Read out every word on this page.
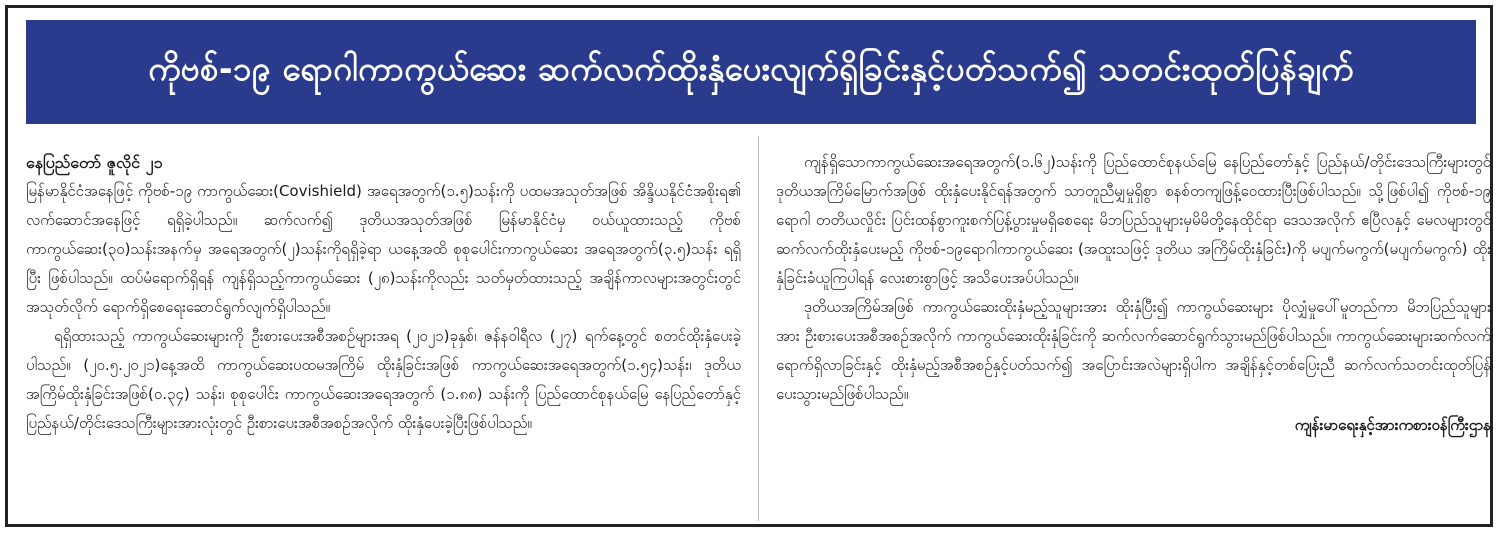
ကိုဗစ်-၁၉ ရောဂါကာကွယ်ဆေး ဆက်လက်ထိုးနှံပေးလျက်ရှိခြင်းနှင့်ပတ်သက်၍ သတင်းထုတ်ပြန်ချက်

နေပြည်တော် ဇူလိုင် ၂၁

မြန်မာနိုင်ငံအနေဖြင့် ကိုဗစ်-၁၉ ကာကွယ်ဆေး(Covishield) အရေအတွက်(၁.၅)သန်းကို ပထမအသုတ်အဖြစ် အိန္ဒိယနိုင်ငံအစိုးရ၏ လက်ဆောင်အနေဖြင့် ရရှိခဲ့ပါသည်။ ဆက်လက်၍ ဒုတိယအသုတ်အဖြစ် မြန်မာနိုင်ငံမှ ဝယ်ယူထားသည့် ကိုဗစ်ကာကွယ်ဆေး(၃၀)သန်းအနက်မှ အရေအတွက်(၂)သန်းကိုရရှိခဲ့ရာ ယနေ့အထိ စုစုပေါင်းကာကွယ်ဆေး အရေအတွက်(၃.၅)သန်း ရရှိပြီး ဖြစ်ပါသည်။ ထပ်မံရောက်ရှိရန် ကျန်ရှိသည့်ကာကွယ်ဆေး (၂၈)သန်းကိုလည်း သတ်မှတ်ထားသည့် အချိန်ကာလများအတွင်းတွင် အသုတ်လိုက် ရောက်ရှိစေရေးဆောင်ရွက်လျက်ရှိပါသည်။

ရရှိထားသည့် ကာကွယ်ဆေးများကို ဦးစားပေးအစီအစဉ်များအရ (၂၀၂၁)ခုနှစ်၊ ဇန်နဝါရီလ (၂၇) ရက်နေ့တွင် စတင်ထိုးနှံပေးခဲ့ပါသည်။ (၂၀.၅.၂၀၂၁)နေ့အထိ ကာကွယ်ဆေးပထမအကြိမ် ထိုးနှံခြင်းအဖြစ် ကာကွယ်ဆေးအရေအတွက်(၁.၅၄)သန်း၊ ဒုတိယအကြိမ်ထိုးနှံခြင်းအဖြစ်(၀.၃၄) သန်း၊ စုစုပေါင်း ကာကွယ်ဆေးအရေအတွက် (၁.၈၈) သန်းကို ပြည်ထောင်စုနယ်မြေ နေပြည်တော်နှင့် ပြည်နယ်/တိုင်းဒေသကြီးများအားလုံးတွင် ဦးစားပေးအစီအစဉ်အလိုက် ထိုးနှံပေးခဲ့ပြီးဖြစ်ပါသည်။

ကျန်ရှိသောကာကွယ်ဆေးအရေအတွက်(၁.၆၂)သန်းကို ပြည်ထောင်စုနယ်မြေ နေပြည်တော်နှင့် ပြည်နယ်/တိုင်းဒေသကြီးများတွင် ဒုတိယအကြိမ်မြောက်အဖြစ် ထိုးနှံပေးနိုင်ရန်အတွက် သာတူညီမျှမှုရှိစွာ စနစ်တကျဖြန့်ဝေထားပြီးဖြစ်ပါသည်။ သို့ဖြစ်ပါ၍ ကိုဗစ်-၁၉ ရောဂါ တတိယလှိုင်း ပြင်းထန်စွာကူးစက်ပြန့်ပွားမှုမရှိစေရေး မိဘပြည်သူများမှမိမိတို့နေထိုင်ရာ ဒေသအလိုက် ဧပြီလနှင့် မေလများတွင်ဆက်လက်ထိုးနှံပေးမည့် ကိုဗစ်-၁၉ရောဂါကာကွယ်ဆေး (အထူးသဖြင့် ဒုတိယ အကြိမ်ထိုးနှံခြင်း)ကို မပျက်မကွက်(မပျက်မကွက်) ထိုးနှံခြင်းခံယူကြပါရန် လေးစားစွာဖြင့် အသိပေးအပ်ပါသည်။

ဒုတိယအကြိမ်အဖြစ် ကာကွယ်ဆေးထိုးနှံမည့်သူများအား ထိုးနှံပြီး၍ ကာကွယ်ဆေးများ ပိုလျှံမှုပေါ်မူတည်ကာ မိဘပြည်သူများအား ဦးစားပေးအစီအစဉ်အလိုက် ကာကွယ်ဆေးထိုးနှံခြင်းကို ဆက်လက်ဆောင်ရွက်သွားမည်ဖြစ်ပါသည်။ ကာကွယ်ဆေးများဆက်လက်ရောက်ရှိလာခြင်းနှင့် ထိုးနှံမည့်အစီအစဉ်နှင့်ပတ်သက်၍ အပြောင်းအလဲများရှိပါက အချိန်နှင့်တစ်ပြေးညီ ဆက်လက်သတင်းထုတ်ပြန်ပေးသွားမည်ဖြစ်ပါသည်။

ကျန်းမာရေးနှင့်အားကစားဝန်ကြီးဌာန
